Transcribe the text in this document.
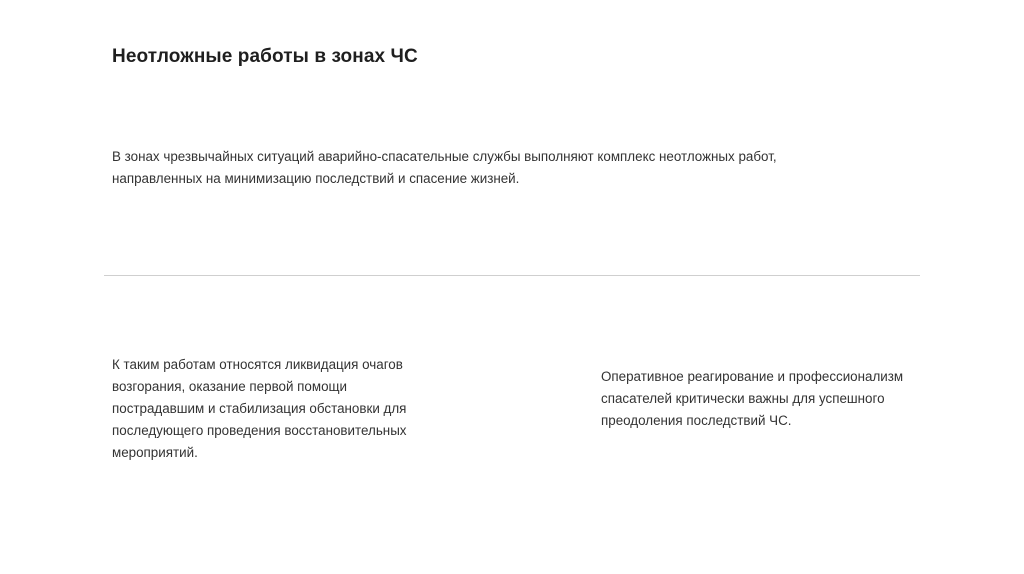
Неотложные работы в зонах ЧС

В зонах чрезвычайных ситуаций аварийно-спасательные службы выполняют комплекс неотложных работ, направленных на минимизацию последствий и спасение жизней.

К таким работам относятся ликвидация очагов возгорания, оказание первой помощи пострадавшим и стабилизация обстановки для последующего проведения восстановительных мероприятий.

Оперативное реагирование и профессионализм спасателей критически важны для успешного преодоления последствий ЧС.
